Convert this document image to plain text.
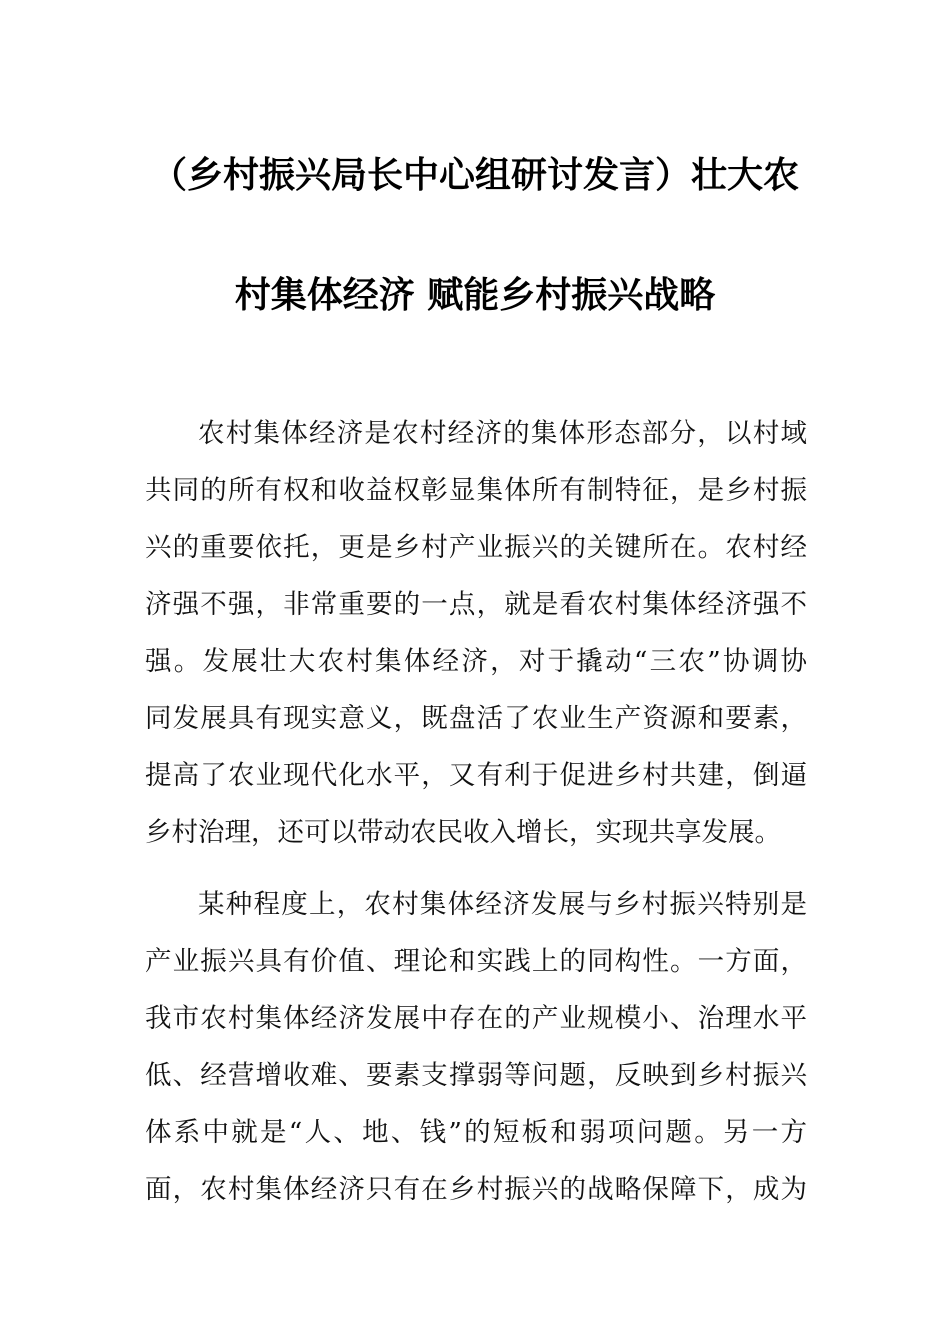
（乡村振兴局长中心组研讨发言）壮大农
村集体经济 赋能乡村振兴战略
农村集体经济是农村经济的集体形态部分，以村域
共同的所有权和收益权彰显集体所有制特征，是乡村振
兴的重要依托，更是乡村产业振兴的关键所在。农村经
济强不强，非常重要的一点，就是看农村集体经济强不
强。发展壮大农村集体经济，对于撬动“三农”协调协
同发展具有现实意义，既盘活了农业生产资源和要素，
提高了农业现代化水平，又有利于促进乡村共建，倒逼
乡村治理，还可以带动农民收入增长，实现共享发展。
某种程度上，农村集体经济发展与乡村振兴特别是
产业振兴具有价值、理论和实践上的同构性。一方面，
我市农村集体经济发展中存在的产业规模小、治理水平
低、经营增收难、要素支撑弱等问题，反映到乡村振兴
体系中就是“人、地、钱”的短板和弱项问题。另一方
面，农村集体经济只有在乡村振兴的战略保障下，成为
